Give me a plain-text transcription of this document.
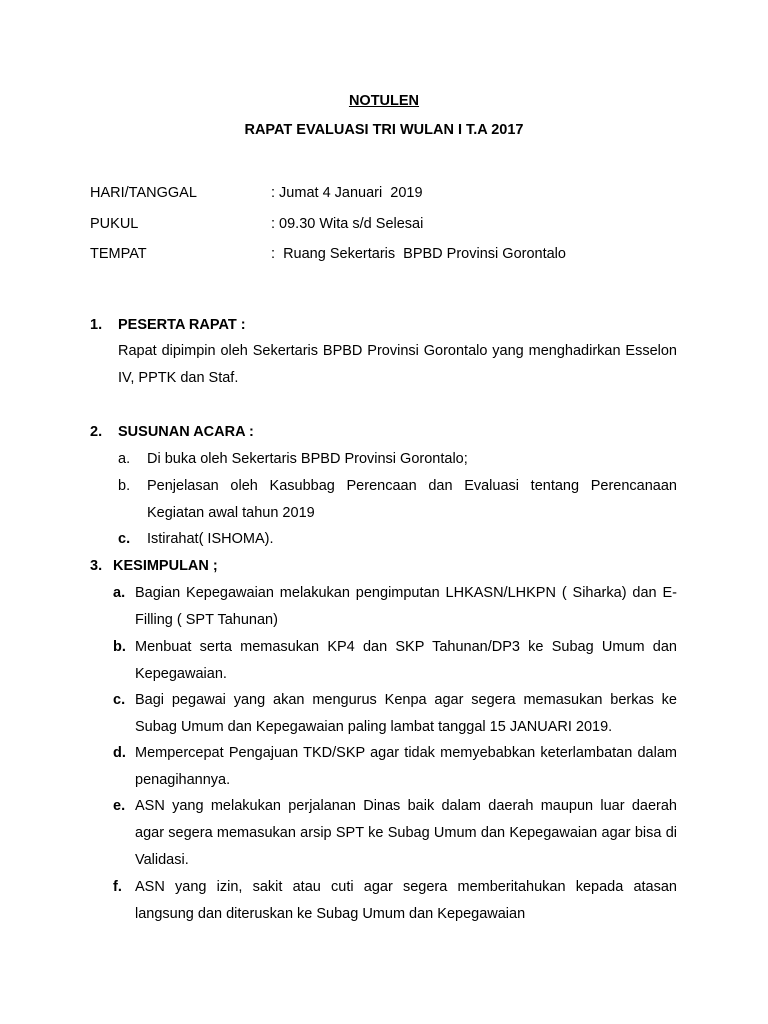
NOTULEN
RAPAT EVALUASI TRI WULAN I T.A 2017
HARI/TANGGAL	: Jumat 4 Januari  2019
PUKUL	: 09.30 Wita s/d Selesai
TEMPAT	:  Ruang Sekertaris  BPBD Provinsi Gorontalo
1. PESERTA RAPAT :
Rapat dipimpin oleh Sekertaris BPBD Provinsi Gorontalo yang menghadirkan Esselon IV, PPTK dan Staf.
2. SUSUNAN ACARA :
a. Di buka oleh Sekertaris BPBD Provinsi Gorontalo;
b. Penjelasan oleh Kasubbag Perencaan dan Evaluasi tentang Perencanaan Kegiatan awal tahun 2019
c. Istirahat( ISHOMA).
3. KESIMPULAN ;
a. Bagian Kepegawaian melakukan pengimputan LHKASN/LHKPN ( Siharka) dan E-Filling ( SPT Tahunan)
b. Menbuat serta memasukan KP4 dan SKP Tahunan/DP3 ke Subag Umum dan Kepegawaian.
c. Bagi pegawai yang akan mengurus Kenpa agar segera memasukan berkas ke Subag Umum dan Kepegawaian paling lambat tanggal 15 JANUARI 2019.
d. Mempercepat Pengajuan TKD/SKP agar tidak memyebabkan keterlambatan dalam penagihannya.
e. ASN yang melakukan perjalanan Dinas baik dalam daerah maupun luar daerah agar segera memasukan arsip SPT ke Subag Umum dan Kepegawaian agar bisa di Validasi.
f. ASN yang izin, sakit atau cuti agar segera memberitahukan kepada atasan langsung dan diteruskan ke Subag Umum dan Kepegawaian
